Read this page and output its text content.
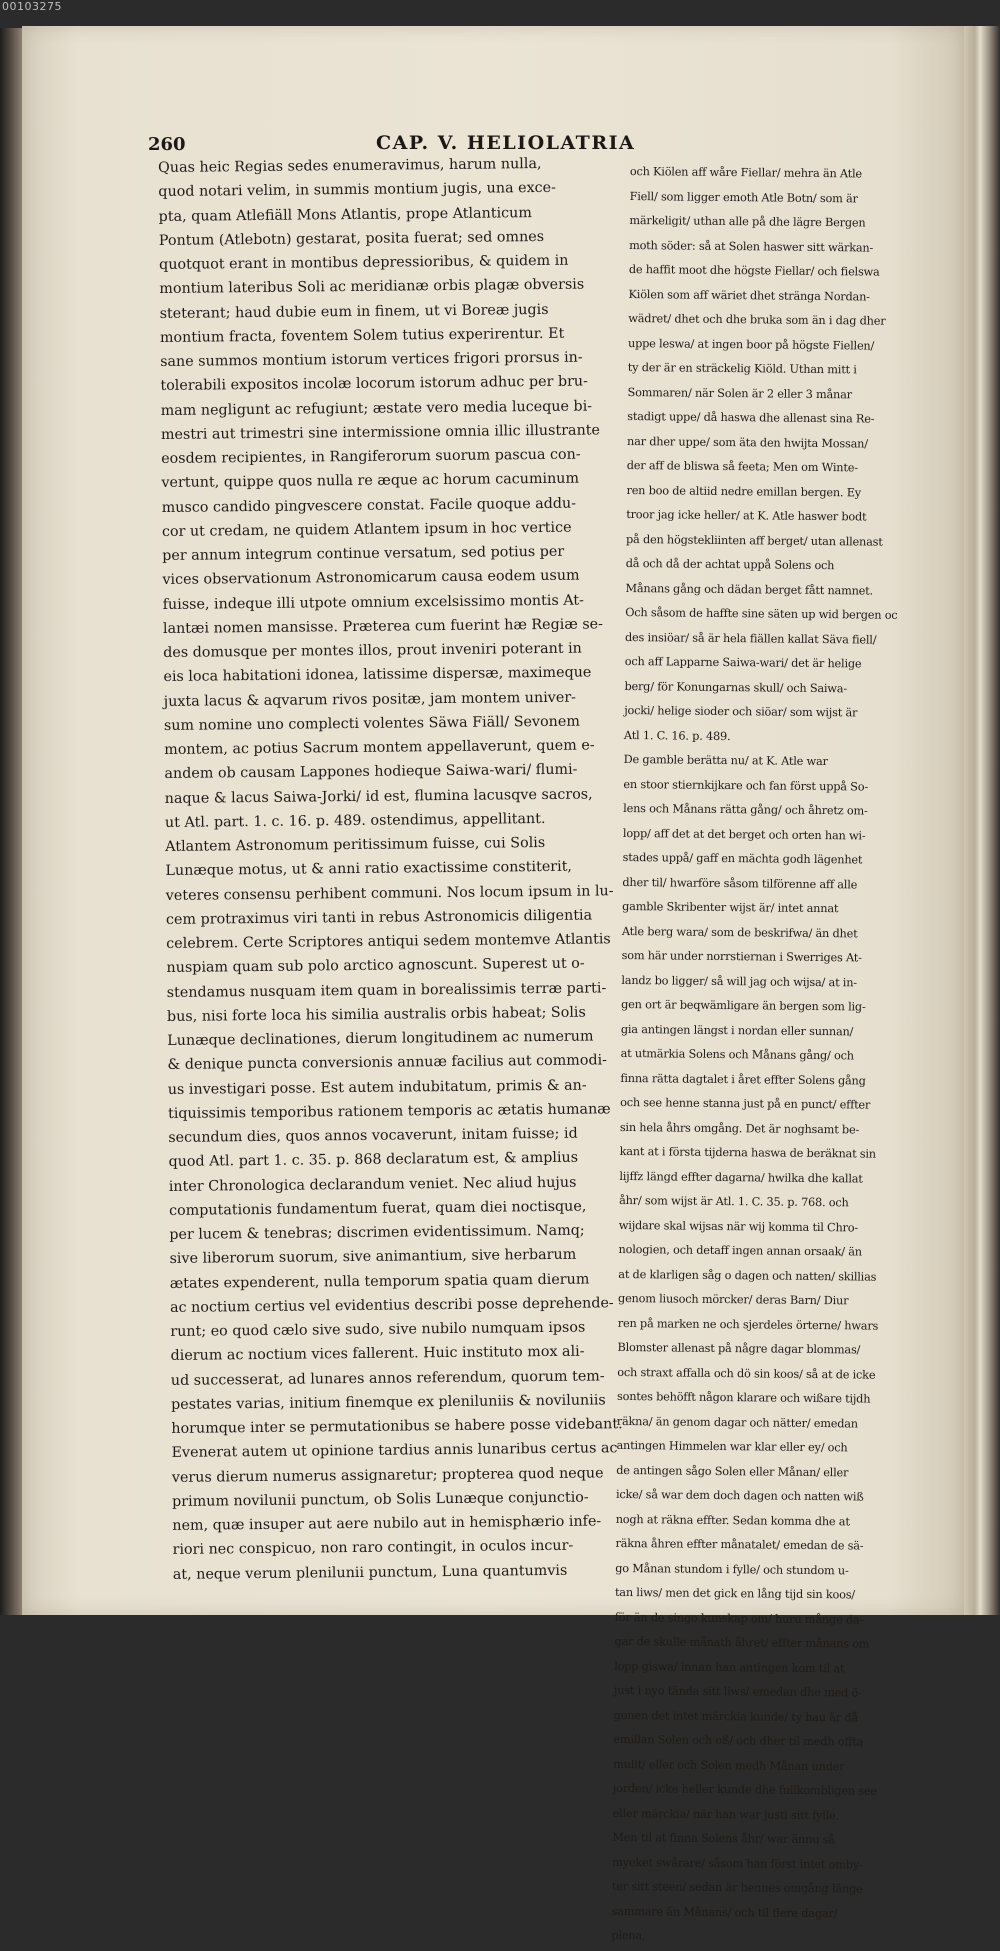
00103275
260	CAP. V. HELIOLATRIA
Quas heic Regias sedes enumeravimus, harum nulla,
quod notari velim, in summis montium jugis, una exce-
pta, quam Atlefiäll Mons Atlantis, prope Atlanticum
Pontum (Atlebotn) gestarat, posita fuerat; sed omnes
quotquot erant in montibus depressioribus, & quidem in
montium lateribus Soli ac meridianæ orbis plagæ obversis
steterant; haud dubie eum in finem, ut vi Boreæ jugis
montium fracta, foventem Solem tutius experirentur. Et
sane summos montium istorum vertices frigori prorsus in-
tolerabili expositos incolæ locorum istorum adhuc per bru-
mam negligunt ac refugiunt; æstate vero media luceque bi-
mestri aut trimestri sine intermissione omnia illic illustrante
eosdem recipientes, in Rangiferorum suorum pascua con-
vertunt, quippe quos nulla re æque ac horum cacuminum
musco candido pingvescere constat. Facile quoque addu-
cor ut credam, ne quidem Atlantem ipsum in hoc vertice
per annum integrum continue versatum, sed potius per
vices observationum Astronomicarum causa eodem usum
fuisse, indeque illi utpote omnium excelsissimo montis At-
lantæi nomen mansisse. Præterea cum fuerint hæ Regiæ se-
des domusque per montes illos, prout inveniri poterant in
eis loca habitationi idonea, latissime dispersæ, maximeque
juxta lacus & aqvarum rivos positæ, jam montem univer-
sum nomine uno complecti volentes Säwa Fiäll/ Sevonem
montem, ac potius Sacrum montem appellaverunt, quem e-
andem ob causam Lappones hodieque Saiwa-wari/ flumi-
naque & lacus Saiwa-Jorki/ id est, flumina lacusqve sacros,
ut Atl. part. 1. c. 16. p. 489. ostendimus, appellitant.
Atlantem Astronomum peritissimum fuisse, cui Solis
Lunæque motus, ut & anni ratio exactissime constiterit,
veteres consensu perhibent communi. Nos locum ipsum in lu-
cem protraximus viri tanti in rebus Astronomicis diligentia
celebrem. Certe Scriptores antiqui sedem montemve Atlantis
nuspiam quam sub polo arctico agnoscunt. Superest ut o-
stendamus nusquam item quam in borealissimis terræ parti-
bus, nisi forte loca his similia australis orbis habeat; Solis
Lunæque declinationes, dierum longitudinem ac numerum
& denique puncta conversionis annuæ facilius aut commodi-
us investigari posse. Est autem indubitatum, primis & an-
tiquissimis temporibus rationem temporis ac ætatis humanæ
secundum dies, quos annos vocaverunt, initam fuisse; id
quod Atl. part 1. c. 35. p. 868 declaratum est, & amplius
inter Chronologica declarandum veniet. Nec aliud hujus
computationis fundamentum fuerat, quam diei noctisque,
per lucem & tenebras; discrimen evidentissimum. Namq;
sive liberorum suorum, sive animantium, sive herbarum
ætates expenderent, nulla temporum spatia quam dierum
ac noctium certius vel evidentius describi posse deprehende-
runt; eo quod cælo sive sudo, sive nubilo numquam ipsos
dierum ac noctium vices fallerent. Huic instituto mox ali-
ud successerat, ad lunares annos referendum, quorum tem-
pestates varias, initium finemque ex pleniluniis & noviluniis
horumque inter se permutationibus se habere posse videbant.
Evenerat autem ut opinione tardius annis lunaribus certus ac
verus dierum numerus assignaretur; propterea quod neque
primum novilunii punctum, ob Solis Lunæque conjunctio-
nem, quæ insuper aut aere nubilo aut in hemisphærio infe-
riori nec conspicuo, non raro contingit, in oculos incur-
at, neque verum plenilunii punctum, Luna quantumvis
och Kiölen aff wåre Fiellar/ mehra än Atle
Fiell/ som ligger emoth Atle Botn/ som är
märkeligit/ uthan alle på dhe lägre Bergen
moth söder: så at Solen haswer sitt wärkan-
de haffit moot dhe högste Fiellar/ och fielswa
Kiölen som aff wäriet dhet stränga Nordan-
wädret/ dhet och dhe bruka som än i dag dher
uppe leswa/ at ingen boor på högste Fiellen/
ty der är en sträckelig Kiöld. Uthan mitt i
Sommaren/ när Solen är 2 eller 3 månar
stadigt uppe/ då haswa dhe allenast sina Re-
nar dher uppe/ som äta den hwijta Mossan/
der aff de bliswa så feeta; Men om Winte-
ren boo de altiid nedre emillan bergen. Ey
troor jag icke heller/ at K. Atle haswer bodt
på den högstekliinten aff berget/ utan allenast
då och då der achtat uppå Solens och
Månans gång och dädan berget fått namnet.
Och såsom de haffte sine säten up wid bergen oc
des insiöar/ så är hela fiällen kallat Säva fiell/
och aff Lapparne Saiwa-wari/ det är helige
berg/ för Konungarnas skull/ och Saiwa-
jocki/ helige sioder och siöar/ som wijst är
Atl 1. C. 16. p. 489.
De gamble berätta nu/ at K. Atle war
en stoor stiernkijkare och fan först uppå So-
lens och Månans rätta gång/ och åhretz om-
lopp/ aff det at det berget och orten han wi-
stades uppå/ gaff en mächta godh lägenhet
dher til/ hwarföre såsom tilförenne aff alle
gamble Skribenter wijst är/ intet annat
Atle berg wara/ som de beskrifwa/ än dhet
som här under norrstiernan i Swerriges At-
landz bo ligger/ så will jag och wijsa/ at in-
gen ort är beqwämligare än bergen som lig-
gia antingen längst i nordan eller sunnan/
at utmärkia Solens och Månans gång/ och
finna rätta dagtalet i året effter Solens gång
och see henne stanna just på en punct/ effter
sin hela åhrs omgång. Det är noghsamt be-
kant at i första tijderna haswa de beräknat sin
lijffz längd effter dagarna/ hwilka dhe kallat
åhr/ som wijst är Atl. 1. C. 35. p. 768. och
wijdare skal wijsas när wij komma til Chro-
nologien, och detaff ingen annan orsaak/ än
at de klarligen såg o dagen och natten/ skillias
genom liusoch mörcker/ deras Barn/ Diur
ren på marken ne och sjerdeles örterne/ hwars
Blomster allenast på någre dagar blommas/
och straxt affalla och dö sin koos/ så at de icke
sontes behöfft någon klarare och wißare tijdh
räkna/ än genom dagar och nätter/ emedan
antingen Himmelen war klar eller ey/ och
de antingen sågo Solen eller Månan/ eller
icke/ så war dem doch dagen och natten wiß
nogh at räkna effter. Sedan komma dhe at
räkna åhren effter månatalet/ emedan de sä-
go Månan stundom i fylle/ och stundom u-
tan liws/ men det gick en lång tijd sin koos/
för än de singo kunskap om/ huru månge da-
gar de skulle månath åhret/ effter månans om
lopp giswa/ innan han antingen kom til at
just i nyo tända sitt liws/ emedan dhe med ö-
gonen det intet märckia kunde/ ty hau är då
emillan Solen och oß/ och dher til medh offta
mulit/ eller och Solen medh Månan under
jorden/ icke heller kunde dhe fullkombligen see
eller märckia/ när han war justi sitt fylle.
Men til at finna Solens åhr/ war ännu så
myeket swårare/ såsom han först intet omby-
ter sitt steen/ sedan är hennes omgång länge
sammare än Månans/ och til flere dagar/
plena,
